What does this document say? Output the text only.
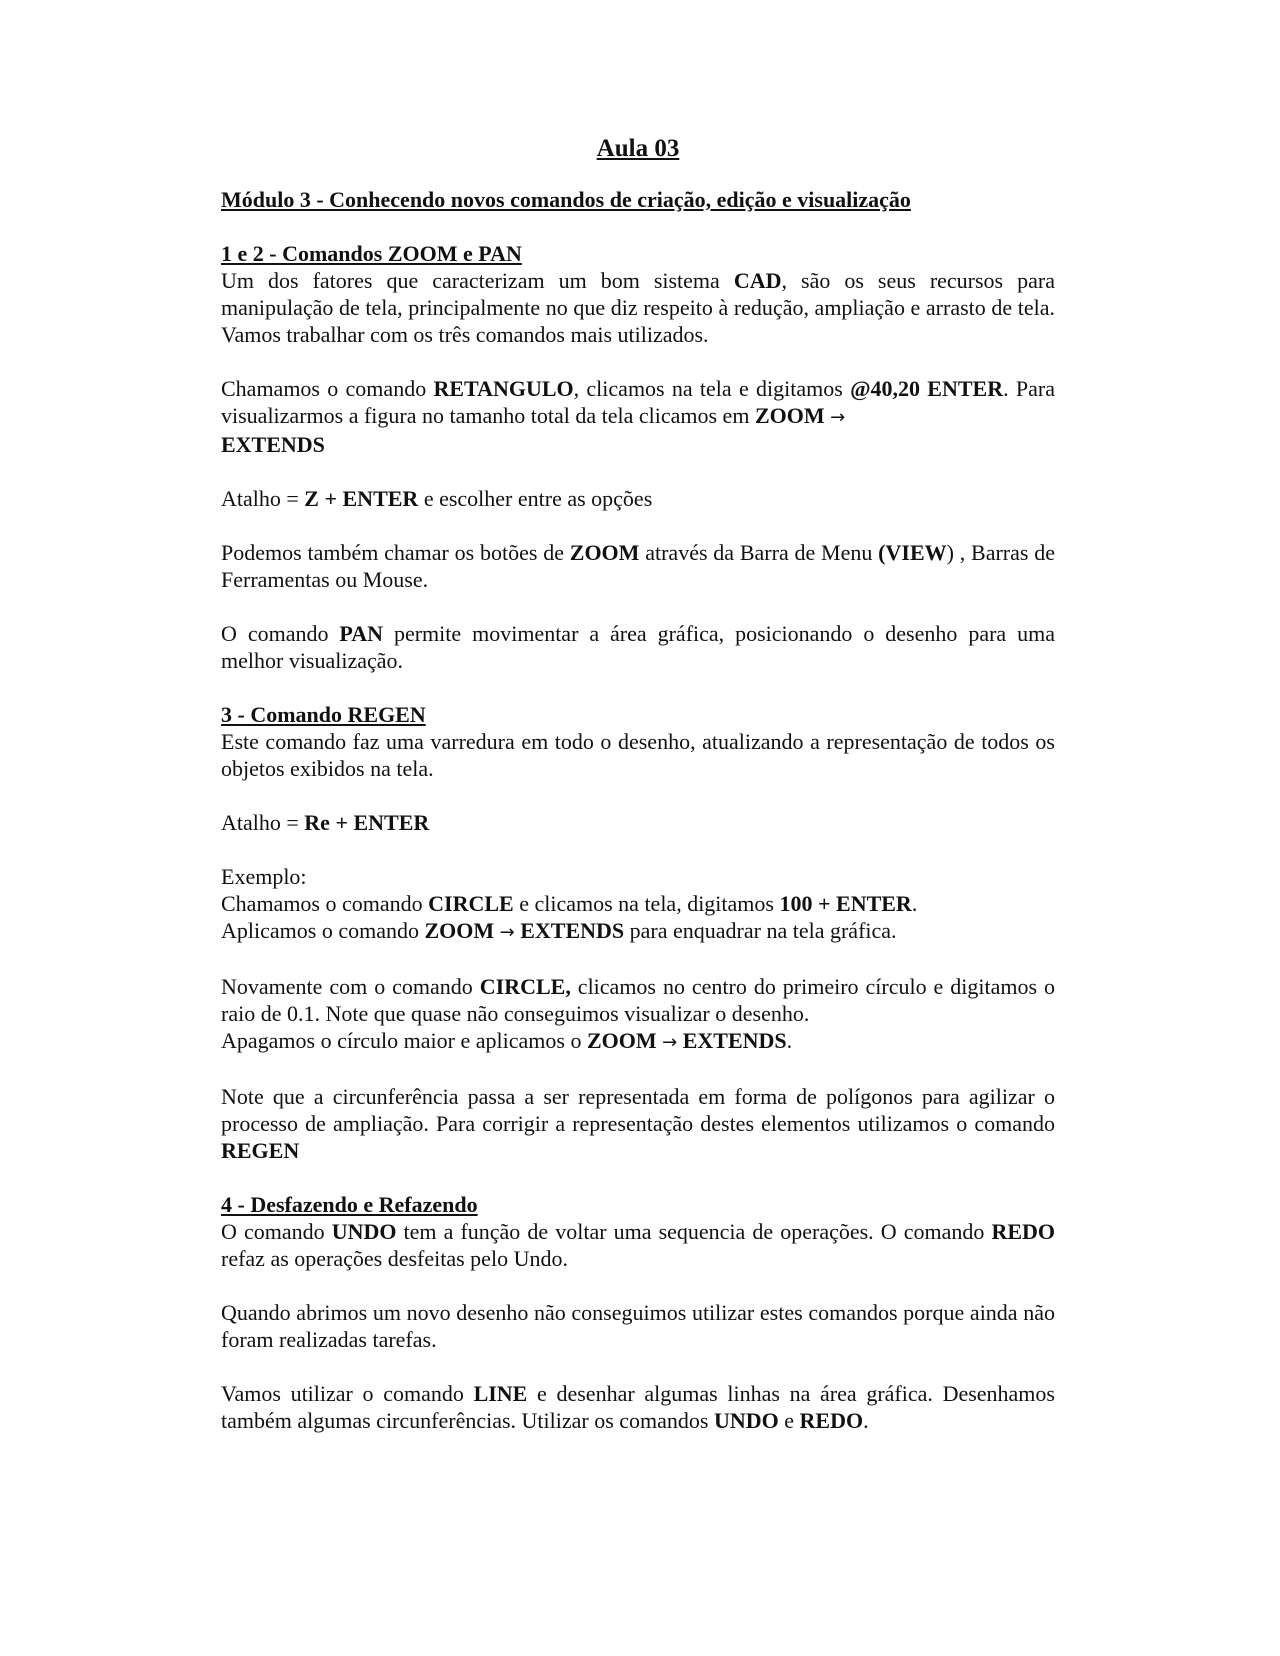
Aula 03
Módulo 3 - Conhecendo novos comandos de criação, edição e visualização
1 e 2 - Comandos ZOOM e PAN

Um dos fatores que caracterizam um bom sistema CAD, são os seus recursos para manipulação de tela, principalmente no que diz respeito à redução, ampliação e arrasto de tela. Vamos trabalhar com os três comandos mais utilizados.

Chamamos o comando RETANGULO, clicamos na tela e digitamos @40,20 ENTER. Para visualizarmos a figura no tamanho total da tela clicamos em ZOOM →
EXTENDS

Atalho = Z + ENTER e escolher entre as opções

Podemos também chamar os botões de ZOOM através da Barra de Menu (VIEW) , Barras de Ferramentas ou Mouse.

O comando PAN permite movimentar a área gráfica, posicionando o desenho para uma melhor visualização.

3 - Comando REGEN

Este comando faz uma varredura em todo o desenho, atualizando a representação de todos os objetos exibidos na tela.

Atalho = Re + ENTER

Exemplo:
Chamamos o comando CIRCLE e clicamos na tela, digitamos 100 + ENTER.
Aplicamos o comando ZOOM → EXTENDS para enquadrar na tela gráfica.

Novamente com o comando CIRCLE, clicamos no centro do primeiro círculo e digitamos o raio de 0.1. Note que quase não conseguimos visualizar o desenho.
Apagamos o círculo maior e aplicamos o ZOOM → EXTENDS.

Note que a circunferência passa a ser representada em forma de polígonos para agilizar o processo de ampliação. Para corrigir a representação destes elementos utilizamos o comando REGEN

4 - Desfazendo e Refazendo

O comando UNDO tem a função de voltar uma sequencia de operações. O comando REDO refaz as operações desfeitas pelo Undo.

Quando abrimos um novo desenho não conseguimos utilizar estes comandos porque ainda não foram realizadas tarefas.

Vamos utilizar o comando LINE e desenhar algumas linhas na área gráfica. Desenhamos também algumas circunferências. Utilizar os comandos UNDO e REDO.
